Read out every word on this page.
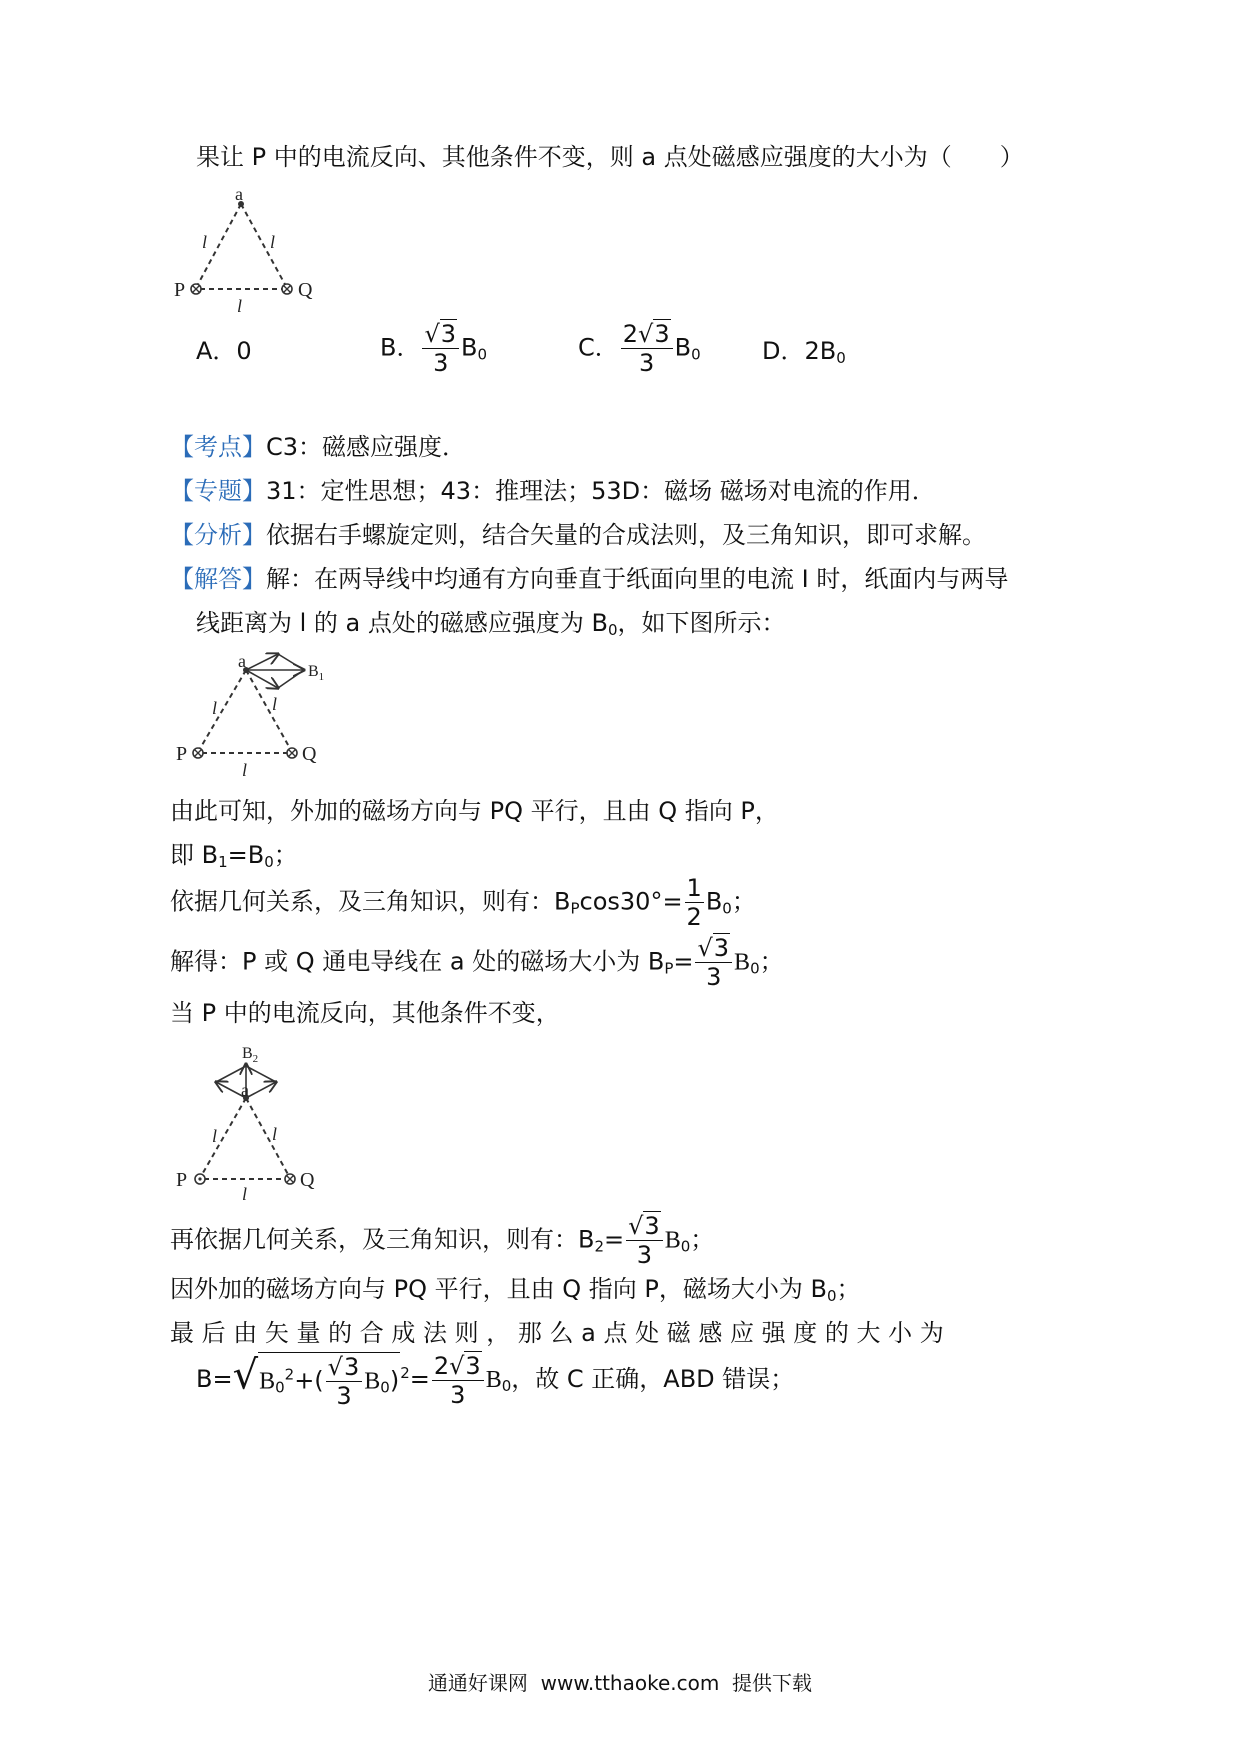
果让 P 中的电流反向、其他条件不变，则 a 点处磁感应强度的大小为（　　）
a
P	Q
l	l
l
A．0	B． $\frac{√3}{3} B_0$	C． $\frac{2√3}{3} B_0$	D．$2B_0$
【考点】C3：磁感应强度．
【专题】31：定性思想；43：推理法；53D：磁场 磁场对电流的作用．
【分析】依据右手螺旋定则，结合矢量的合成法则，及三角知识，即可求解。
【解答】解：在两导线中均通有方向垂直于纸面向里的电流 I 时，纸面内与两导
线距离为 l 的 a 点处的磁感应强度为 $B_0$，如下图所示：
a
$B_1$
P	Q
l	l
l
由此可知，外加的磁场方向与 PQ 平行，且由 Q 指向 P，
即 $B_1=B_0$；
依据几何关系，及三角知识，则有：$B_P\cos 30^\circ= \frac{1}{2} B_0$；
解得：P 或 Q 通电导线在 a 处的磁场大小为 $B_P= \frac{√3}{3} B_0$；
当 P 中的电流反向，其他条件不变，
$B_2$
a
P	Q
l	l
l
再依据几何关系，及三角知识，则有：$B_2= \frac{√3}{3} B_0$；
因外加的磁场方向与 PQ 平行，且由 Q 指向 P，磁场大小为 $B_0$；
最 后 由 矢 量 的 合 成 法 则 ， 那 么 a 点 处 磁 感 应 强 度 的 大 小 为
$B=√B_0^2+( \frac{√3}{3} B_0)^2= \frac{2√3}{3} B_0$，故 C 正确，ABD 错误；
通通好课网  www.tthaoke.com  提供下载
